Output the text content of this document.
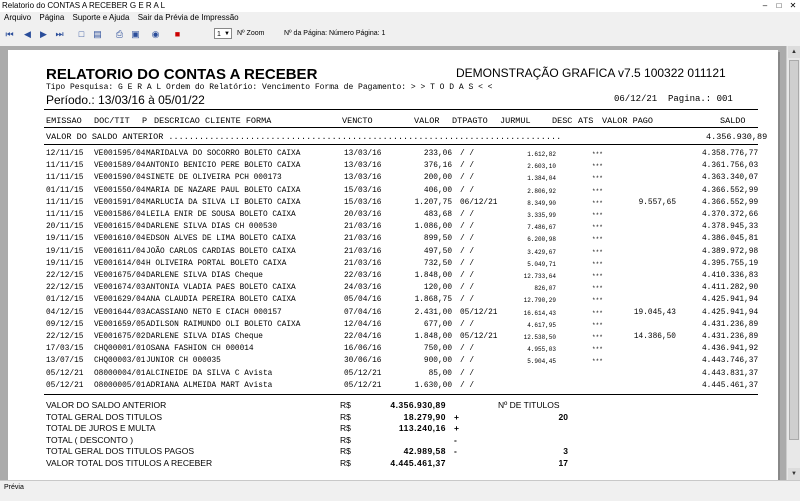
Relatorio do CONTAS A RECEBER G E R A L	–	□	✕
Arquivo Página Suporte e Ajuda Sair da Prévia de Impressão
⏮ ◀ ▶ ⏭	□	▤ ⎙ ▣ ◉	■	1 ▼ Nº Zoom	Nº da Página: Número Página: 1
RELATORIO DO CONTAS A RECEBER	DEMONSTRAÇÃO GRAFICA v7.5 100322 011121
Tipo Pesquisa: G E R A L Ordem do Relatório: Vencimento Forma de Pagamento: > > T O D A S < <
Período.: 13/03/16 à 05/01/22	06/12/21 Pagina.: 001
EMISSAO DOC/TIT P DESCRICAO CLIENTE FORMA	VENCTO	VALOR DTPAGTO JURMUL	DESC ATS VALOR PAGO	SALDO
VALOR DO SALDO ANTERIOR .............................................................................	4.356.930,89
12/11/15 VE001595/04 MARIDALVA DO SOCORRO BOLETO CAIXA	13/03/16	233,06 / /	1.612,82	***	4.358.776,77
11/11/15 VE001589/04 ANTONIO BENICIO PERE BOLETO CAIXA	13/03/16	376,16 / /	2.603,10	***	4.361.756,03
11/11/15 VE001590/04 SINETE DE OLIVEIRA PCH 000173	13/03/16	200,00 / /	1.384,04	***	4.363.340,07
01/11/15 VE001550/04 MARIA DE NAZARE PAUL BOLETO CAIXA	15/03/16	406,00 / /	2.806,92	***	4.366.552,99
11/11/15 VE001591/04 MARLUCIA DA SILVA LI BOLETO CAIXA	15/03/16	1.207,75 06/12/21	8.349,90	***	9.557,65	4.366.552,99
11/11/15 VE001586/04 LEILA ENIR DE SOUSA BOLETO CAIXA	20/03/16	483,68 / /	3.335,99	***	4.370.372,66
20/11/15 VE001615/04 DARLENE SILVA DIAS CH 000530	21/03/16	1.086,00 / /	7.486,67	***	4.378.945,33
19/11/15 VE001610/04 EDSON ALVES DE LIMA BOLETO CAIXA	21/03/16	899,50 / /	6.200,98	***	4.386.045,81
19/11/15 VE001611/04 JOÃO CARLOS CARDIAS BOLETO CAIXA	21/03/16	497,50 / /	3.429,67	***	4.389.972,98
19/11/15 VE001614/04 H OLIVEIRA PORTAL BOLETO CAIXA	21/03/16	732,50 / /	5.049,71	***	4.395.755,19
22/12/15 VE001675/04 DARLENE SILVA DIAS Cheque	22/03/16	1.848,00 / /	12.733,64	***	4.410.336,83
22/12/15 VE001674/03 ANTONIA VLADIA PAES BOLETO CAIXA	24/03/16	120,00 / /	826,07	***	4.411.282,90
01/12/15 VE001629/04 ANA CLAUDIA PEREIRA BOLETO CAIXA	05/04/16	1.868,75 / /	12.790,29	***	4.425.941,94
04/12/15 VE001644/03 ACASSIANO NETO E CIACH 000157	07/04/16	2.431,00 05/12/21	16.614,43	***	19.045,43	4.425.941,94
09/12/15 VE001659/05 ADILSON RAIMUNDO OLI BOLETO CAIXA	12/04/16	677,00 / /	4.617,95	***	4.431.236,89
22/12/15 VE001675/02 DARLENE SILVA DIAS Cheque	22/04/16	1.848,00 05/12/21	12.538,50	***	14.386,50	4.431.236,89
17/03/15 CHQ00001/01 OSANA FASHION CH 000014	16/06/16	750,00 / /	4.955,03	***	4.436.941,92
13/07/15 CHQ00003/01 JUNIOR CH 000035	30/06/16	900,00 / /	5.904,45	***	4.443.746,37
05/12/21 O8000004/01 ALCINEIDE DA SILVA C Avista	05/12/21	85,00 / /	4.443.831,37
05/12/21 O8000005/01 ADRIANA ALMEIDA MART Avista	05/12/21	1.630,00 / /	4.445.461,37
VALOR DO SALDO ANTERIOR	R$	4.356.930,89	Nº DE TITULOS
TOTAL GERAL DOS TITULOS	R$	18.279,90 +	20
TOTAL DE JUROS E MULTA	R$	113.240,16 +
TOTAL ( DESCONTO )	R$	-
TOTAL GERAL DOS TITULOS PAGOS	R$	42.989,58 -	3
VALOR TOTAL DOS TITULOS A RECEBER	R$	4.445.461,37	17
▲
▼
Prévia
